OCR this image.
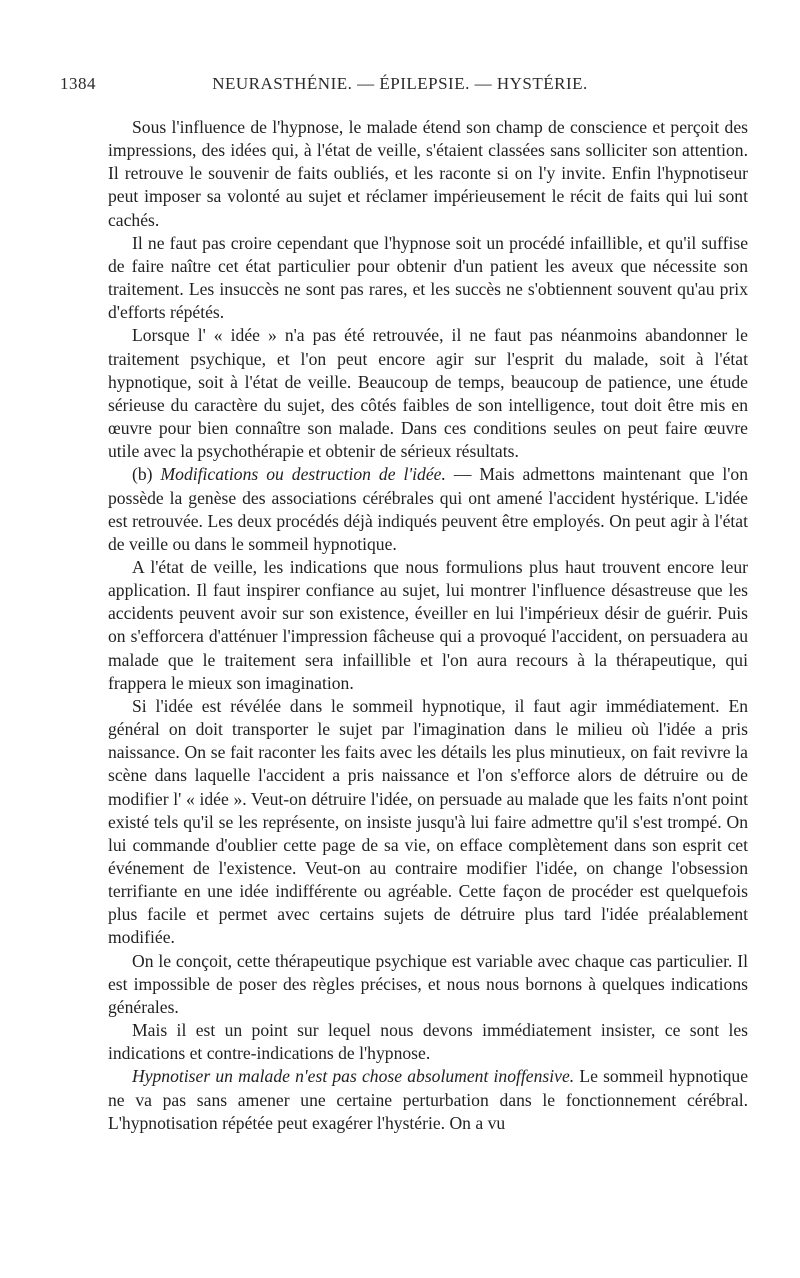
1384	NEURASTHÉNIE. — ÉPILEPSIE. — HYSTÉRIE.

Sous l'influence de l'hypnose, le malade étend son champ de conscience et perçoit des impressions, des idées qui, à l'état de veille, s'étaient classées sans solliciter son attention. Il retrouve le souvenir de faits oubliés, et les raconte si on l'y invite. Enfin l'hypnotiseur peut imposer sa volonté au sujet et réclamer impérieusement le récit de faits qui lui sont cachés.

Il ne faut pas croire cependant que l'hypnose soit un procédé infaillible, et qu'il suffise de faire naître cet état particulier pour obtenir d'un patient les aveux que nécessite son traitement. Les insuccès ne sont pas rares, et les succès ne s'obtiennent souvent qu'au prix d'efforts répétés.

Lorsque l' « idée » n'a pas été retrouvée, il ne faut pas néanmoins abandonner le traitement psychique, et l'on peut encore agir sur l'esprit du malade, soit à l'état hypnotique, soit à l'état de veille. Beaucoup de temps, beaucoup de patience, une étude sérieuse du caractère du sujet, des côtés faibles de son intelligence, tout doit être mis en œuvre pour bien connaître son malade. Dans ces conditions seules on peut faire œuvre utile avec la psychothérapie et obtenir de sérieux résultats.

(b) Modifications ou destruction de l'idée. — Mais admettons maintenant que l'on possède la genèse des associations cérébrales qui ont amené l'accident hystérique. L'idée est retrouvée. Les deux procédés déjà indiqués peuvent être employés. On peut agir à l'état de veille ou dans le sommeil hypnotique.

A l'état de veille, les indications que nous formulions plus haut trouvent encore leur application. Il faut inspirer confiance au sujet, lui montrer l'influence désastreuse que les accidents peuvent avoir sur son existence, éveiller en lui l'impérieux désir de guérir. Puis on s'efforcera d'atténuer l'impression fâcheuse qui a provoqué l'accident, on persuadera au malade que le traitement sera infaillible et l'on aura recours à la thérapeutique, qui frappera le mieux son imagination.

Si l'idée est révélée dans le sommeil hypnotique, il faut agir immédiatement. En général on doit transporter le sujet par l'imagination dans le milieu où l'idée a pris naissance. On se fait raconter les faits avec les détails les plus minutieux, on fait revivre la scène dans laquelle l'accident a pris naissance et l'on s'efforce alors de détruire ou de modifier l' « idée ». Veut-on détruire l'idée, on persuade au malade que les faits n'ont point existé tels qu'il se les représente, on insiste jusqu'à lui faire admettre qu'il s'est trompé. On lui commande d'oublier cette page de sa vie, on efface complètement dans son esprit cet événement de l'existence. Veut-on au contraire modifier l'idée, on change l'obsession terrifiante en une idée indifférente ou agréable. Cette façon de procéder est quelquefois plus facile et permet avec certains sujets de détruire plus tard l'idée préalablement modifiée.

On le conçoit, cette thérapeutique psychique est variable avec chaque cas particulier. Il est impossible de poser des règles précises, et nous nous bornons à quelques indications générales.

Mais il est un point sur lequel nous devons immédiatement insister, ce sont les indications et contre-indications de l'hypnose.

Hypnotiser un malade n'est pas chose absolument inoffensive. Le sommeil hypnotique ne va pas sans amener une certaine perturbation dans le fonctionnement cérébral. L'hypnotisation répétée peut exagérer l'hystérie. On a vu
